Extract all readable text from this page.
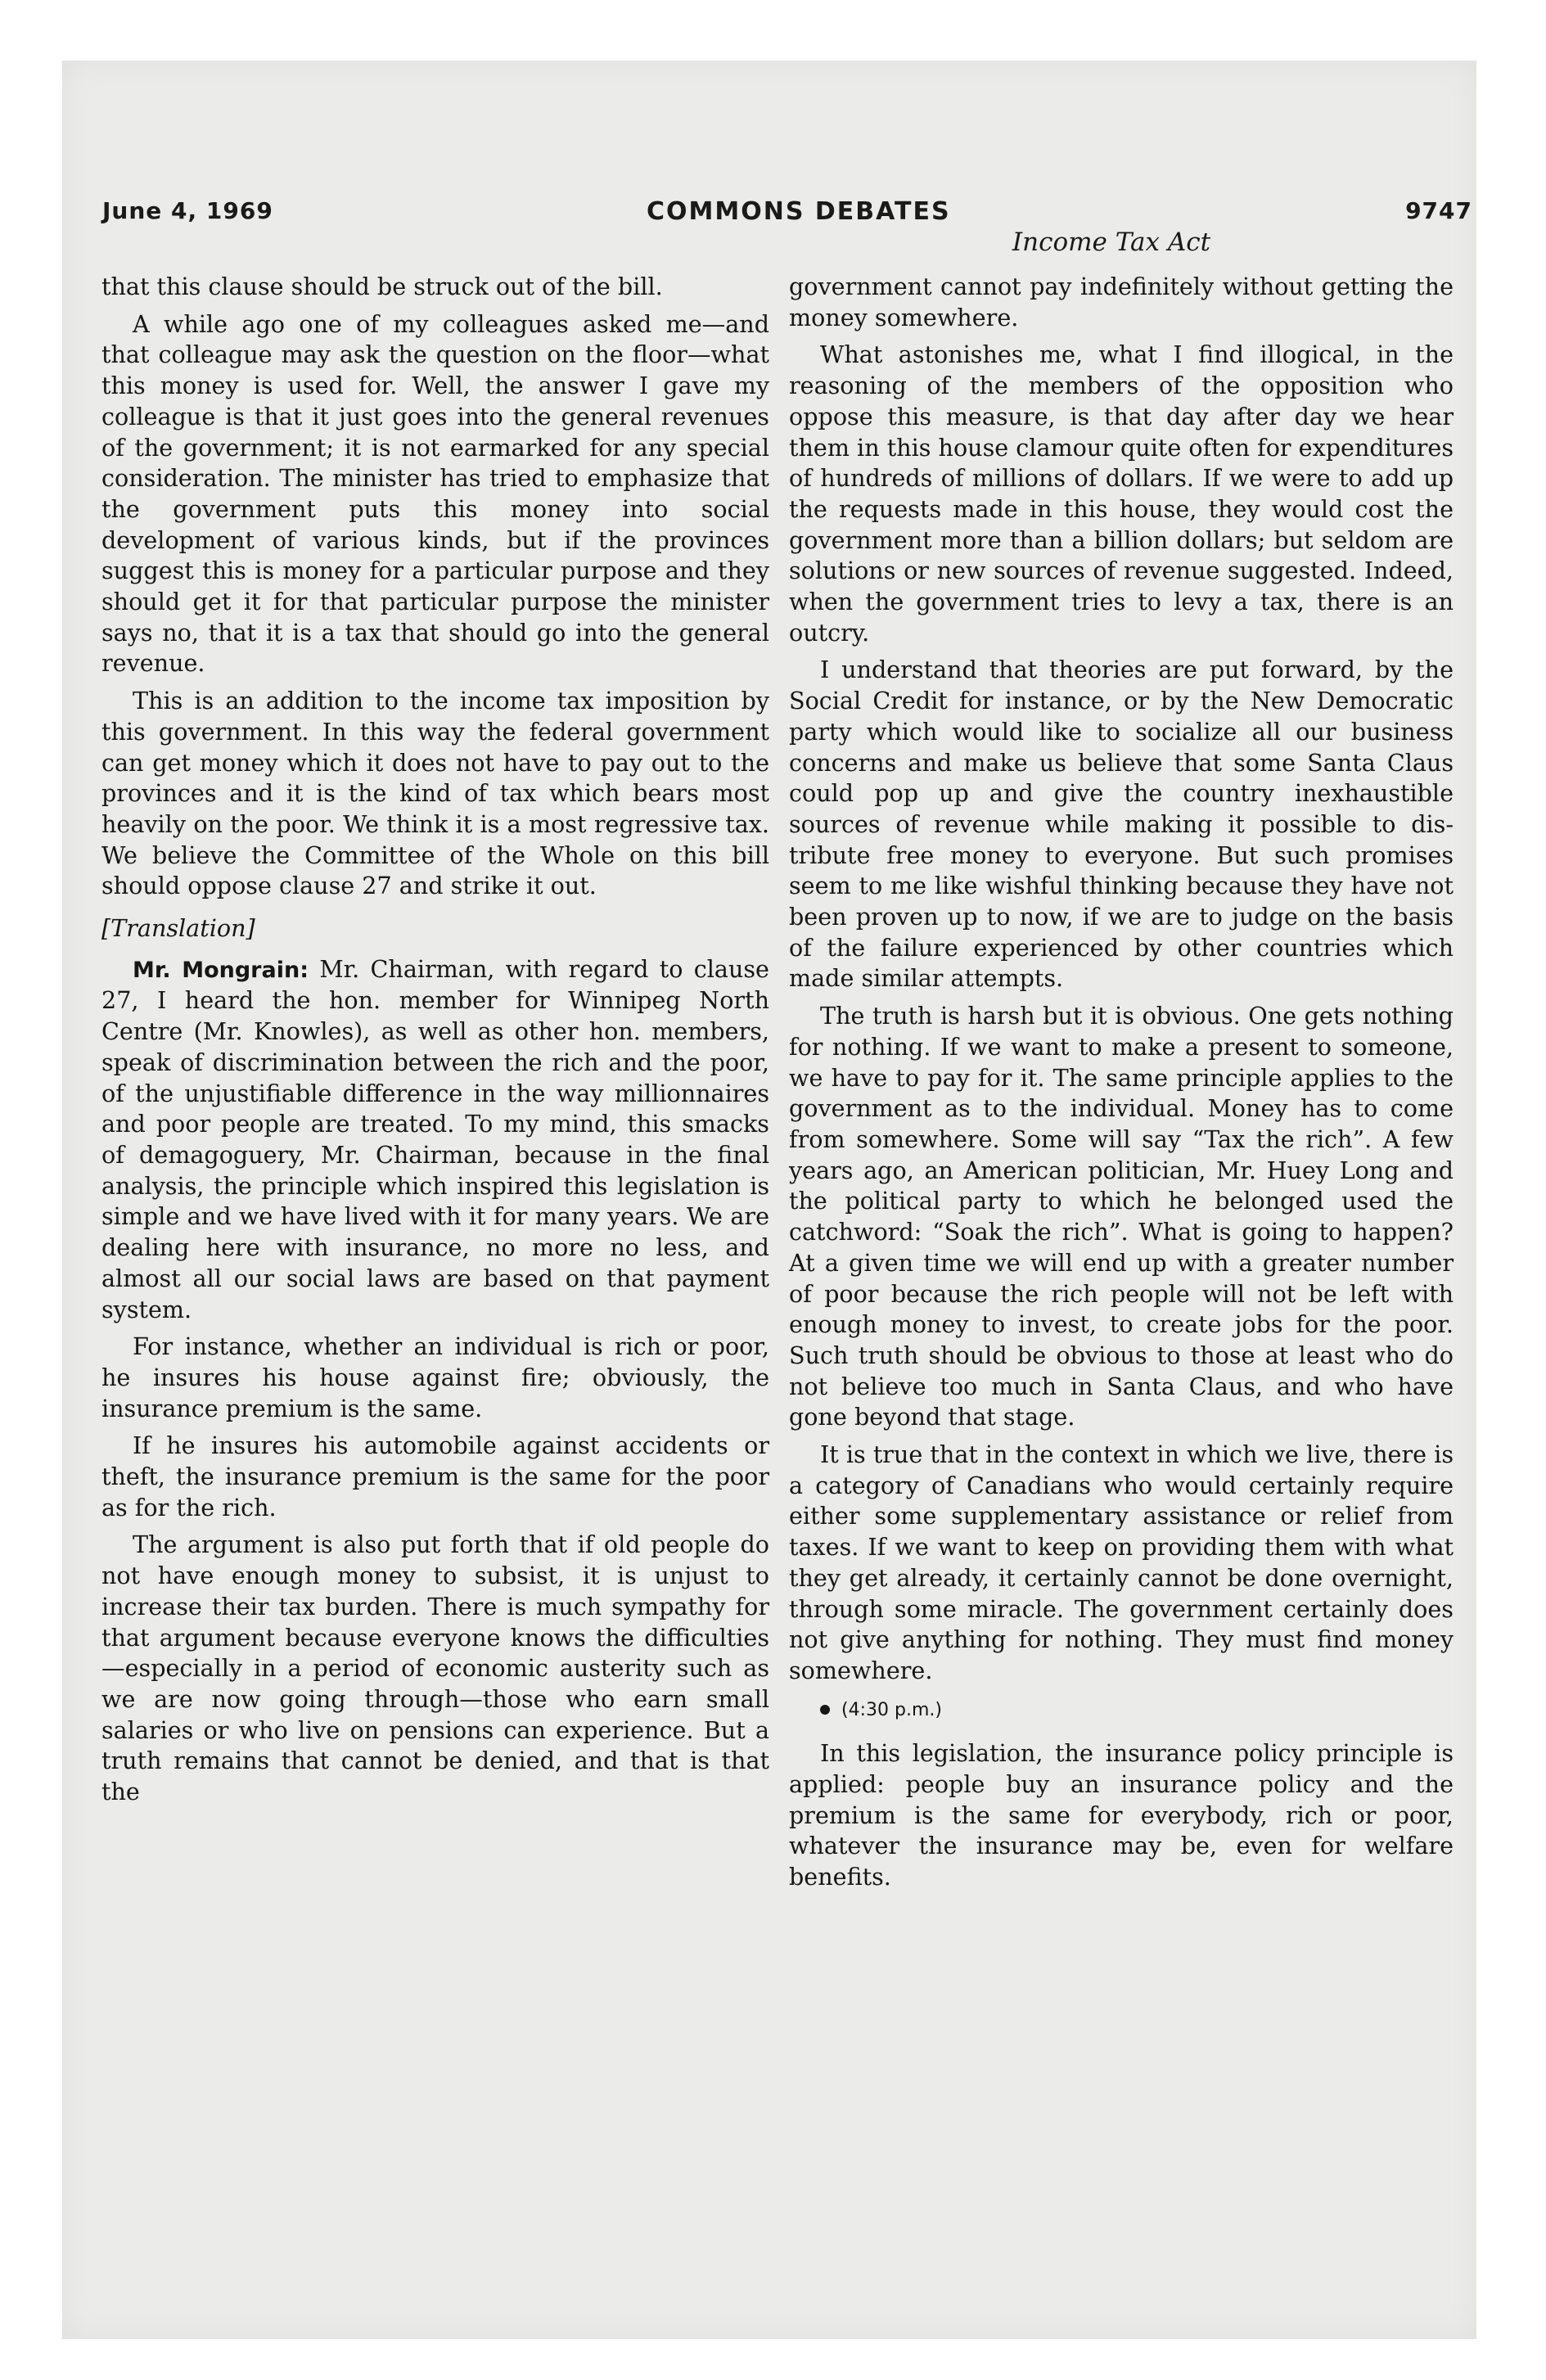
June 4, 1969	COMMONS DEBATES	9747
Income Tax Act

that this clause should be struck out of the bill.

A while ago one of my colleagues asked me—and that colleague may ask the question on the floor—what this money is used for. Well, the answer I gave my colleague is that it just goes into the general revenues of the government; it is not earmarked for any special consideration. The minister has tried to emphasize that the government puts this money into social development of various kinds, but if the provinces suggest this is money for a particular purpose and they should get it for that particular purpose the minister says no, that it is a tax that should go into the general revenue.

This is an addition to the income tax imposition by this government. In this way the federal government can get money which it does not have to pay out to the provinces and it is the kind of tax which bears most heavily on the poor. We think it is a most regressive tax. We believe the Committee of the Whole on this bill should oppose clause 27 and strike it out.

[Translation]

Mr. Mongrain: Mr. Chairman, with regard to clause 27, I heard the hon. member for Winnipeg North Centre (Mr. Knowles), as well as other hon. members, speak of discrimination between the rich and the poor, of the unjustifiable difference in the way millionnaires and poor people are treated. To my mind, this smacks of demagoguery, Mr. Chairman, because in the final analysis, the principle which inspired this legislation is simple and we have lived with it for many years. We are dealing here with insurance, no more no less, and almost all our social laws are based on that payment system.

For instance, whether an individual is rich or poor, he insures his house against fire; obviously, the insurance premium is the same.

If he insures his automobile against accidents or theft, the insurance premium is the same for the poor as for the rich.

The argument is also put forth that if old people do not have enough money to subsist, it is unjust to increase their tax burden. There is much sympathy for that argument because everyone knows the difficulties—especially in a period of economic austerity such as we are now going through—those who earn small salaries or who live on pensions can experience. But a truth remains that cannot be denied, and that is that the

government cannot pay indefinitely without getting the money somewhere.

What astonishes me, what I find illogical, in the reasoning of the members of the opposition who oppose this measure, is that day after day we hear them in this house clamour quite often for expenditures of hundreds of millions of dollars. If we were to add up the requests made in this house, they would cost the government more than a billion dollars; but seldom are solutions or new sources of revenue suggested. Indeed, when the government tries to levy a tax, there is an outcry.

I understand that theories are put forward, by the Social Credit for instance, or by the New Democratic party which would like to socialize all our business concerns and make us believe that some Santa Claus could pop up and give the country inexhaustible sources of revenue while making it possible to distribute free money to everyone. But such promises seem to me like wishful thinking because they have not been proven up to now, if we are to judge on the basis of the failure experienced by other countries which made similar attempts.

The truth is harsh but it is obvious. One gets nothing for nothing. If we want to make a present to someone, we have to pay for it. The same principle applies to the government as to the individual. Money has to come from somewhere. Some will say “Tax the rich”. A few years ago, an American politician, Mr. Huey Long and the political party to which he belonged used the catchword: “Soak the rich”. What is going to happen? At a given time we will end up with a greater number of poor because the rich people will not be left with enough money to invest, to create jobs for the poor. Such truth should be obvious to those at least who do not believe too much in Santa Claus, and who have gone beyond that stage.

It is true that in the context in which we live, there is a category of Canadians who would certainly require either some supplementary assistance or relief from taxes. If we want to keep on providing them with what they get already, it certainly cannot be done overnight, through some miracle. The government certainly does not give anything for nothing. They must find money somewhere.

(4:30 p.m.)

In this legislation, the insurance policy principle is applied: people buy an insurance policy and the premium is the same for everybody, rich or poor, whatever the insurance may be, even for welfare benefits.
